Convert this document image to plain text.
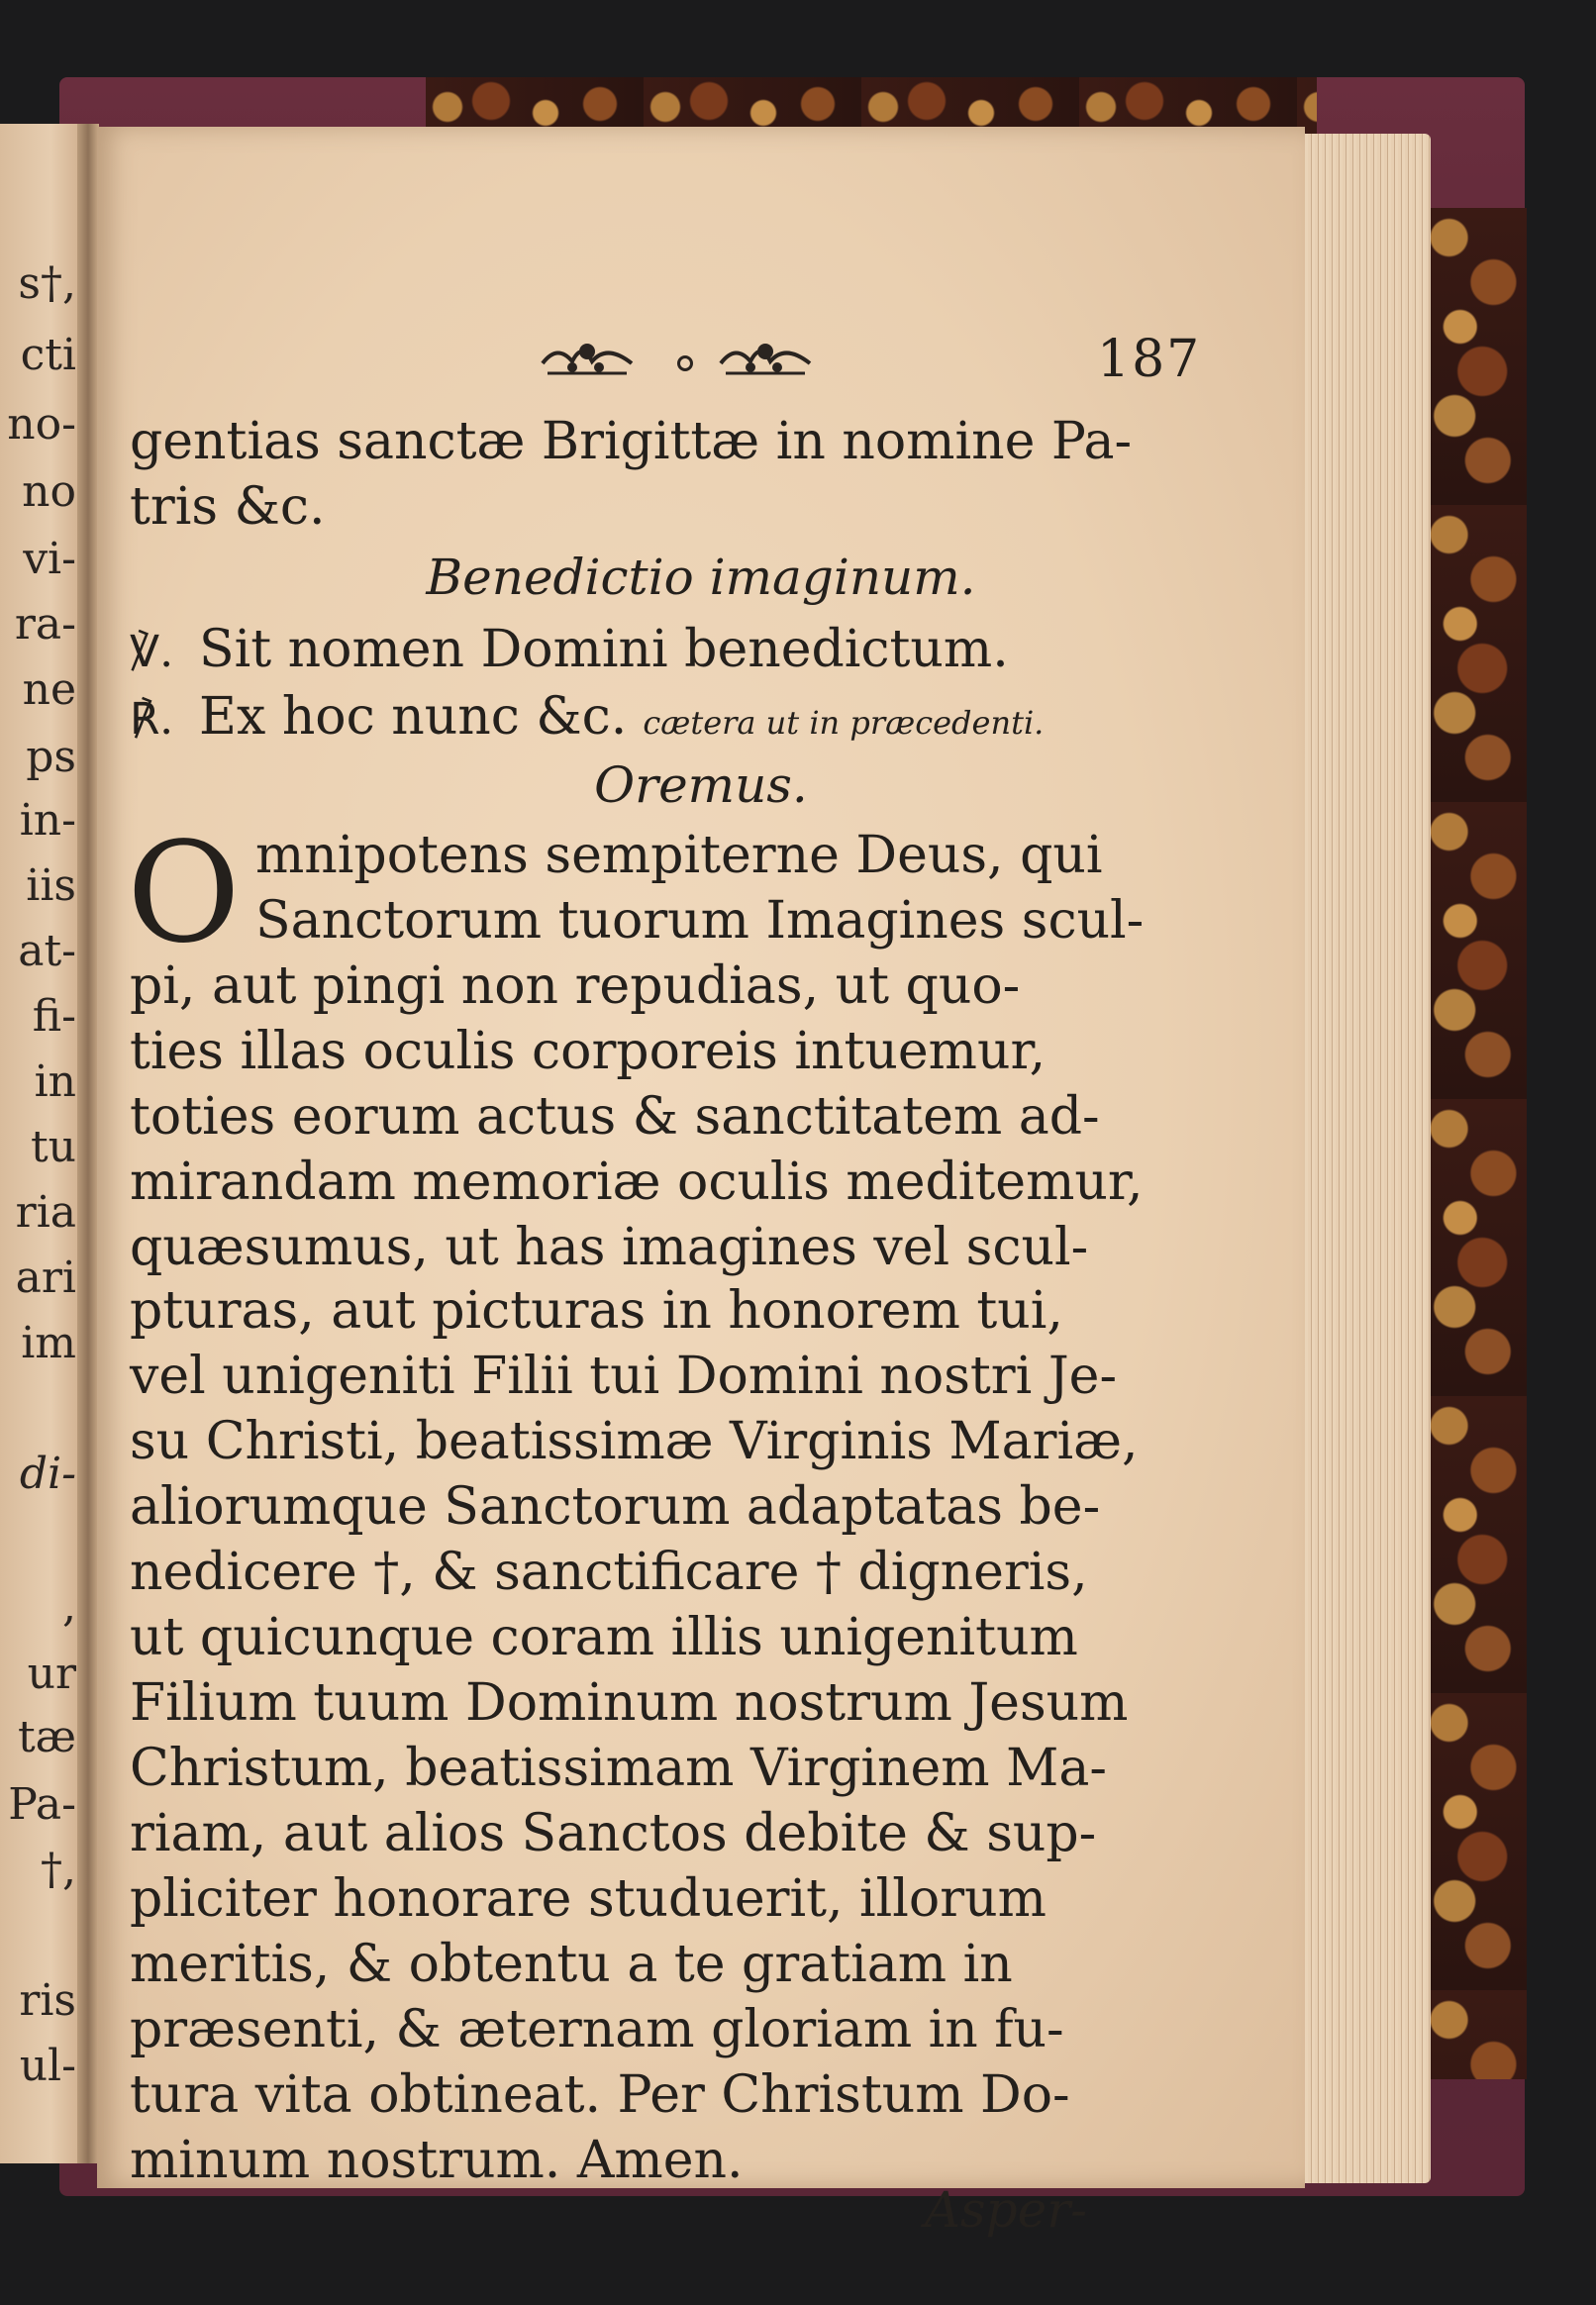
s†,
cti
no-
no
vi-
ra-
ne
ps
in-
iis
at-
fi-
in
tu
ria
ari
im
di-
,
ur
tæ
Pa-
†,
ris
ul-
187
gentias sanctæ Brigittæ in nomine Pa-
tris &c.
Benedictio imaginum.
℣. Sit nomen Domini benedictum.
℟. Ex hoc nunc &c. cætera ut in præcedenti.
Oremus.
O mnipotens sempiterne Deus, qui
Sanctorum tuorum Imagines scul-
pi, aut pingi non repudias, ut quo-
ties illas oculis corporeis intuemur,
toties eorum actus & sanctitatem ad-
mirandam memoriæ oculis meditemur,
quæsumus, ut has imagines vel scul-
pturas, aut picturas in honorem tui,
vel unigeniti Filii tui Domini nostri Je-
su Christi, beatissimæ Virginis Mariæ,
aliorumque Sanctorum adaptatas be-
nedicere †, & sanctificare † digneris,
ut quicunque coram illis unigenitum
Filium tuum Dominum nostrum Jesum
Christum, beatissimam Virginem Ma-
riam, aut alios Sanctos debite & sup-
pliciter honorare studuerit, illorum
meritis, & obtentu a te gratiam in
præsenti, & æternam gloriam in fu-
tura vita obtineat. Per Christum Do-
minum nostrum. Amen.
Asper-
